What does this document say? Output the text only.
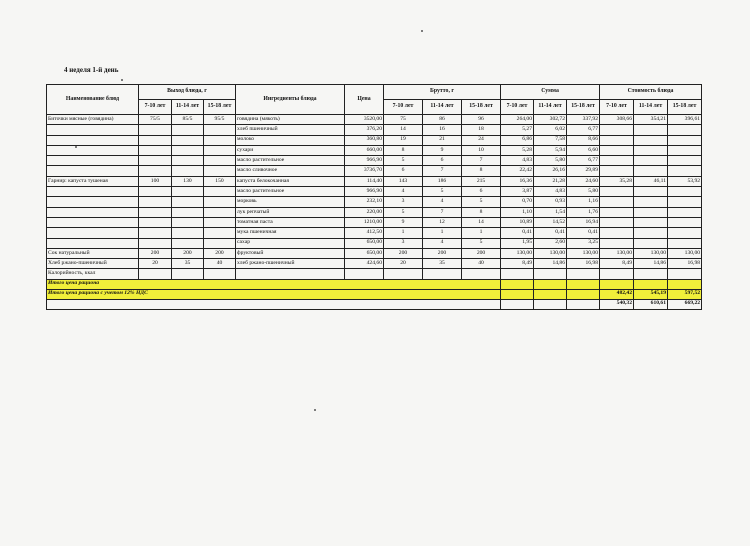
4 неделя 1-й день
Наименование блюд	Выход блюда, г			Ингредиенты блюда	Цена	Брутто, г			Сумма			Стоимость блюда		
	7-10 лет	11-14 лет	15-18 лет			7-10 лет	11-14 лет	15-18 лет	7-10 лет	11-14 лет	15-18 лет	7-10 лет	11-14 лет	15-18 лет
Биточки мясные (говядина)	75/5	85/5	95/5	говядина (мякоть)	3520,00	75	86	96	264,00	302,72	337,92	308,66	354,21	396,61
				хлеб пшеничный	376,20	14	16	18	5,27	6,02	6,77			
				молоко	360,80	19	21	24	6,86	7,58	8,66			
				сухари	660,00	8	9	10	5,28	5,94	6,60			
				масло растительное	966,90	5	6	7	4,83	5,80	6,77			
				масло сливочное	3736,70	6	7	8	22,42	26,16	29,89			
Гарнир: капуста тушеная	100	130	150	капуста белокочанная	114,40	143	186	215	16,36	21,28	24,60	35,28	46,11	53,92
				масло растительное	966,90	4	5	6	3,87	4,83	5,80			
				морковь	232,10	3	4	5	0,70	0,93	1,16			
				лук репчатый	220,00	5	7	8	1,10	1,54	1,76			
				томатная паста	1210,00	9	12	14	10,89	14,52	16,94			
				мука пшеничная	412,50	1	1	1	0,41	0,41	0,41			
				сахар	650,00	3	4	5	1,95	2,60	3,25			
Сок натуральный	200	200	200	фруктовый	650,00	200	200	200	130,00	130,00	130,00	130,00	130,00	130,00
Хлеб ржано-пшеничный	20	35	40	хлеб ржано-пшеничный	424,60	20	35	40	8,49	14,86	16,98	8,49	14,86	16,98
Калорийность, ккал														
Итого цена рациона														
Итого цена рациона с учетом 12% НДС												482,42	545,19	597,52
												540,32	610,61	669,22
